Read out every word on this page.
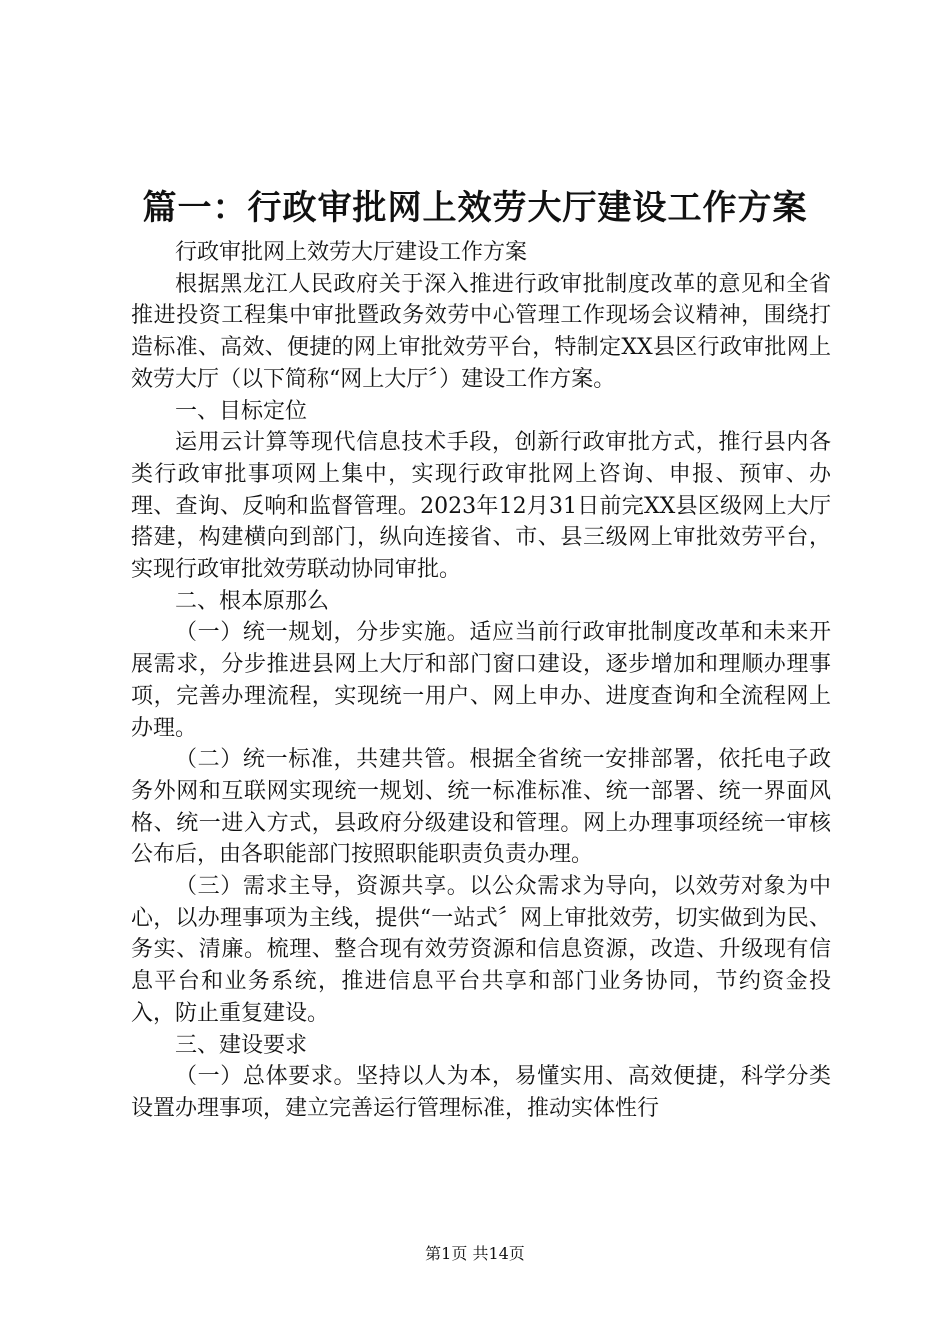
篇一：行政审批网上效劳大厅建设工作方案

行政审批网上效劳大厅建设工作方案

根据黑龙江人民政府关于深入推进行政审批制度改革的意见和全省推进投资工程集中审批暨政务效劳中心管理工作现场会议精神，围绕打造标准、高效、便捷的网上审批效劳平台，特制定XX县区行政审批网上效劳大厅（以下简称“网上大厅〞）建设工作方案。

一、目标定位

运用云计算等现代信息技术手段，创新行政审批方式，推行县内各类行政审批事项网上集中，实现行政审批网上咨询、申报、预审、办理、查询、反响和监督管理。2023年12月31日前完XX县区级网上大厅搭建，构建横向到部门，纵向连接省、市、县三级网上审批效劳平台，实现行政审批效劳联动协同审批。

二、根本原那么

（一）统一规划，分步实施。适应当前行政审批制度改革和未来开展需求，分步推进县网上大厅和部门窗口建设，逐步增加和理顺办理事项，完善办理流程，实现统一用户、网上申办、进度查询和全流程网上办理。

（二）统一标准，共建共管。根据全省统一安排部署，依托电子政务外网和互联网实现统一规划、统一标准标准、统一部署、统一界面风格、统一进入方式，县政府分级建设和管理。网上办理事项经统一审核公布后，由各职能部门按照职能职责负责办理。

（三）需求主导，资源共享。以公众需求为导向，以效劳对象为中心，以办理事项为主线，提供“一站式〞网上审批效劳，切实做到为民、务实、清廉。梳理、整合现有效劳资源和信息资源，改造、升级现有信息平台和业务系统，推进信息平台共享和部门业务协同，节约资金投入，防止重复建设。

三、建设要求

（一）总体要求。坚持以人为本，易懂实用、高效便捷，科学分类设置办理事项，建立完善运行管理标准，推动实体性行

第1页 共14页
